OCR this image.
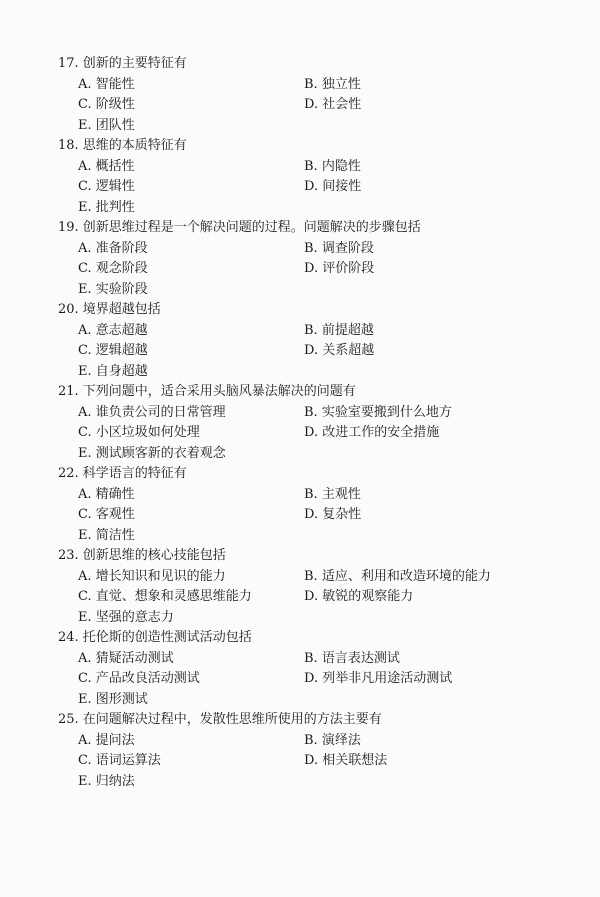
17. 创新的主要特征有
A. 智能性	B. 独立性
C. 阶级性	D. 社会性
E. 团队性
18. 思维的本质特征有
A. 概括性	B. 内隐性
C. 逻辑性	D. 间接性
E. 批判性
19. 创新思维过程是一个解决问题的过程。问题解决的步骤包括
A. 准备阶段	B. 调查阶段
C. 观念阶段	D. 评价阶段
E. 实验阶段
20. 境界超越包括
A. 意志超越	B. 前提超越
C. 逻辑超越	D. 关系超越
E. 自身超越
21. 下列问题中，适合采用头脑风暴法解决的问题有
A. 谁负责公司的日常管理	B. 实验室要搬到什么地方
C. 小区垃圾如何处理	D. 改进工作的安全措施
E. 测试顾客新的衣着观念
22. 科学语言的特征有
A. 精确性	B. 主观性
C. 客观性	D. 复杂性
E. 简洁性
23. 创新思维的核心技能包括
A. 增长知识和见识的能力	B. 适应、利用和改造环境的能力
C. 直觉、想象和灵感思维能力	D. 敏锐的观察能力
E. 坚强的意志力
24. 托伦斯的创造性测试活动包括
A. 猜疑活动测试	B. 语言表达测试
C. 产品改良活动测试	D. 列举非凡用途活动测试
E. 图形测试
25. 在问题解决过程中，发散性思维所使用的方法主要有
A. 提问法	B. 演绎法
C. 语词运算法	D. 相关联想法
E. 归纳法
